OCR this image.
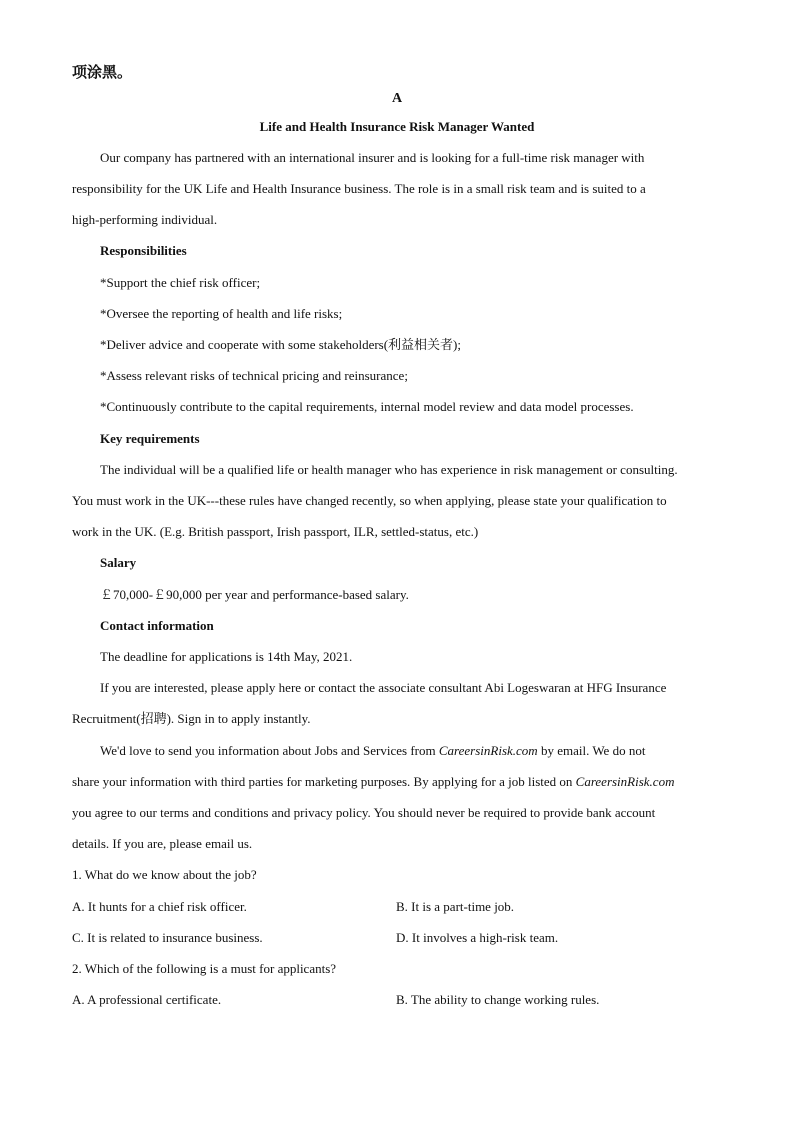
项涂黑。
A
Life and Health Insurance Risk Manager Wanted
Our company has partnered with an international insurer and is looking for a full-time risk manager with
responsibility for the UK Life and Health Insurance business. The role is in a small risk team and is suited to a
high-performing individual.
Responsibilities
*Support the chief risk officer;
*Oversee the reporting of health and life risks;
*Deliver advice and cooperate with some stakeholders(利益相关者);
*Assess relevant risks of technical pricing and reinsurance;
*Continuously contribute to the capital requirements, internal model review and data model processes.
Key requirements
The individual will be a qualified life or health manager who has experience in risk management or consulting.
You must work in the UK---these rules have changed recently, so when applying, please state your qualification to
work in the UK. (E.g. British passport, Irish passport, ILR, settled-status, etc.)
Salary
￡70,000-￡90,000 per year and performance-based salary.
Contact information
The deadline for applications is 14th May, 2021.
If you are interested, please apply here or contact the associate consultant Abi Logeswaran at HFG Insurance
Recruitment(招聘). Sign in to apply instantly.
We'd love to send you information about Jobs and Services from CareersinRisk.com by email. We do not
share your information with third parties for marketing purposes. By applying for a job listed on CareersinRisk.com
you agree to our terms and conditions and privacy policy. You should never be required to provide bank account
details. If you are, please email us.
1. What do we know about the job?
A. It hunts for a chief risk officer.	B. It is a part-time job.
C. It is related to insurance business.	D. It involves a high-risk team.
2. Which of the following is a must for applicants?
A. A professional certificate.	B. The ability to change working rules.
